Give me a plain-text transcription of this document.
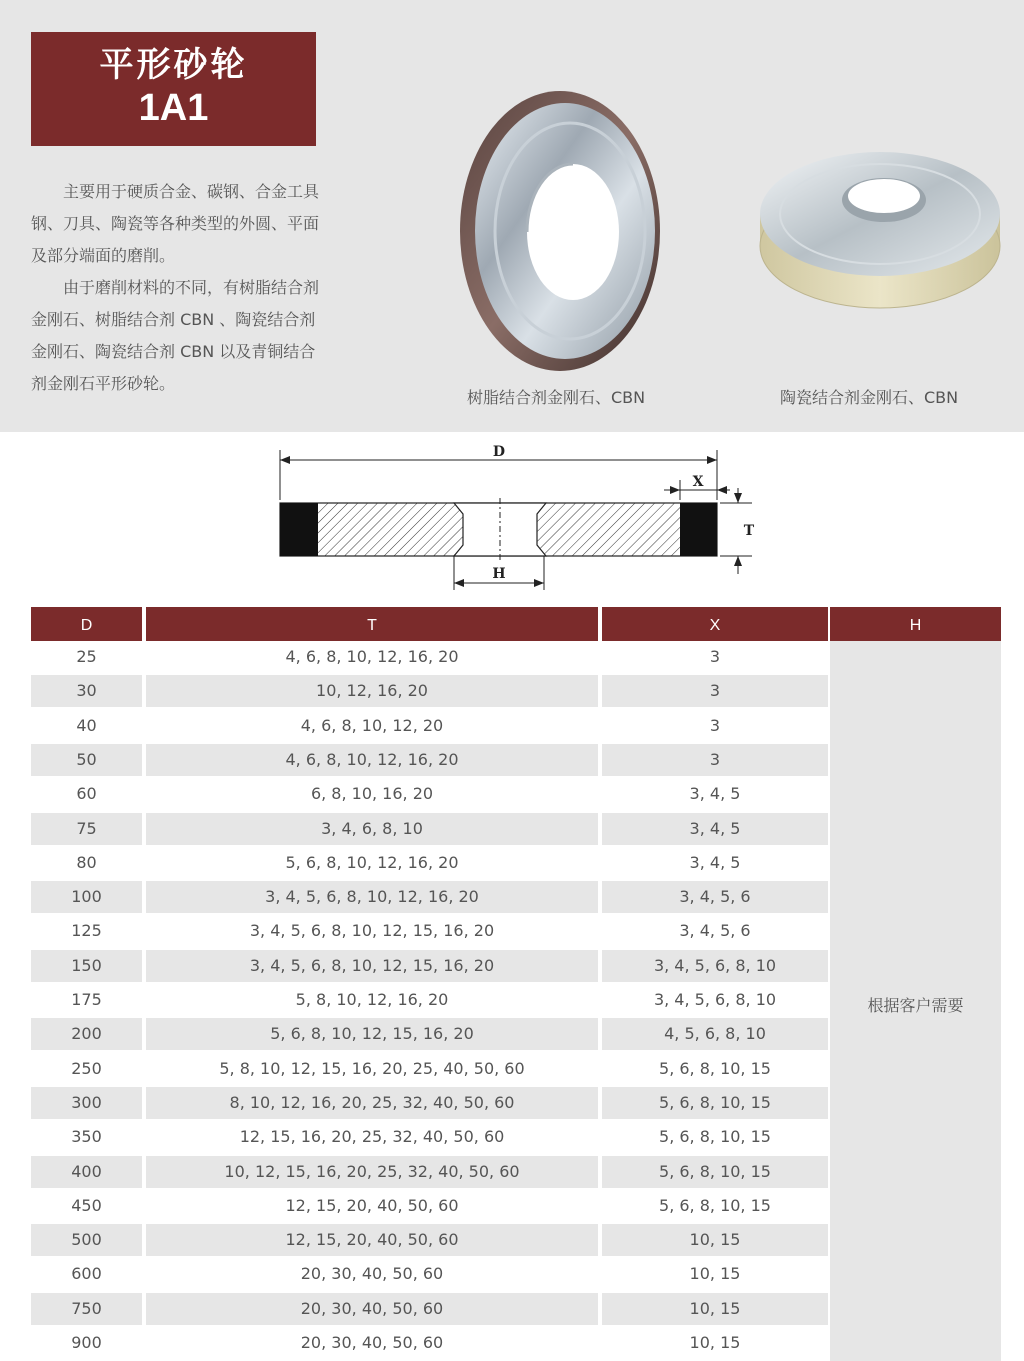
平形砂轮
1A1

主要用于硬质合金、碳钢、合金工具钢、刀具、陶瓷等各种类型的外圆、平面及部分端面的磨削。

由于磨削材料的不同，有树脂结合剂金刚石、树脂结合剂 CBN 、陶瓷结合剂金刚石、陶瓷结合剂 CBN 以及青铜结合剂金刚石平形砂轮。

树脂结合剂金刚石、CBN	陶瓷结合剂金刚石、CBN
D
X
T
H
D	T	X	H
25	4, 6, 8, 10, 12, 16, 20	3
30	10, 12, 16, 20	3
40	4, 6, 8, 10, 12, 20	3
50	4, 6, 8, 10, 12, 16, 20	3
60	6, 8, 10, 16, 20	3, 4, 5
75	3, 4, 6, 8, 10	3, 4, 5
80	5, 6, 8, 10, 12, 16, 20	3, 4, 5
100	3, 4, 5, 6, 8, 10, 12, 16, 20	3, 4, 5, 6
125	3, 4, 5, 6, 8, 10, 12, 15, 16, 20	3, 4, 5, 6
150	3, 4, 5, 6, 8, 10, 12, 15, 16, 20	3, 4, 5, 6, 8, 10
175	5, 8, 10, 12, 16, 20	3, 4, 5, 6, 8, 10
200	5, 6, 8, 10, 12, 15, 16, 20	4, 5, 6, 8, 10
250	5, 8, 10, 12, 15, 16, 20, 25, 40, 50, 60	5, 6, 8, 10, 15
300	8, 10, 12, 16, 20, 25, 32, 40, 50, 60	5, 6, 8, 10, 15
350	12, 15, 16, 20, 25, 32, 40, 50, 60	5, 6, 8, 10, 15
400	10, 12, 15, 16, 20, 25, 32, 40, 50, 60	5, 6, 8, 10, 15
450	12, 15, 20, 40, 50, 60	5, 6, 8, 10, 15
500	12, 15, 20, 40, 50, 60	10, 15
600	20, 30, 40, 50, 60	10, 15
750	20, 30, 40, 50, 60	10, 15
900	20, 30, 40, 50, 60	10, 15
根据客户需要
